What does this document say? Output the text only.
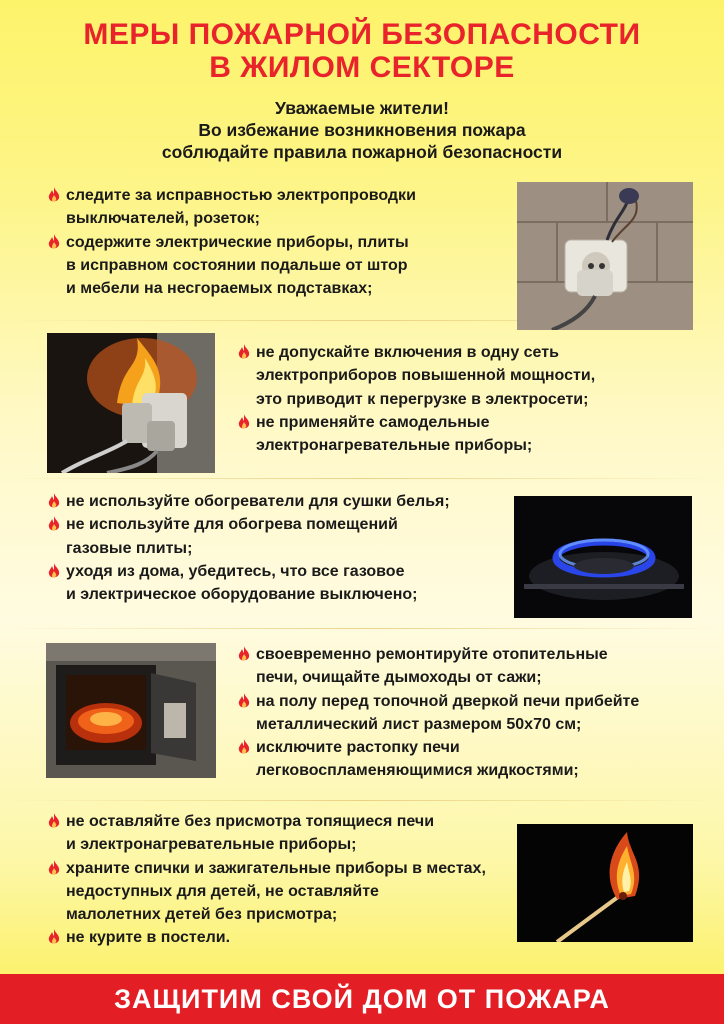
МЕРЫ ПОЖАРНОЙ БЕЗОПАСНОСТИ
В ЖИЛОМ СЕКТОРЕ
Уважаемые жители!
Во избежание возникновения пожара
соблюдайте правила пожарной безопасности
следите за исправностью электропроводки
выключателей, розеток;
содержите электрические приборы, плиты
в исправном состоянии подальше от штор
и мебели на несгораемых подставках;
не допускайте включения в одну сеть
электроприборов повышенной мощности,
это приводит к перегрузке в электросети;
не применяйте самодельные
электронагревательные приборы;
не используйте обогреватели для сушки белья;
не используйте для обогрева помещений
газовые плиты;
уходя из дома, убедитесь, что все газовое
и электрическое оборудование выключено;
своевременно ремонтируйте отопительные
печи, очищайте дымоходы от сажи;
на полу перед топочной дверкой печи прибейте
металлический лист размером 50х70 см;
исключите растопку печи
легковоспламеняющимися жидкостями;
не оставляйте без присмотра топящиеся печи
и электронагревательные приборы;
храните спички и зажигательные приборы в местах,
недоступных для детей, не оставляйте
малолетних детей без присмотра;
не курите в постели.
ЗАЩИТИМ СВОЙ ДОМ ОТ ПОЖАРА
